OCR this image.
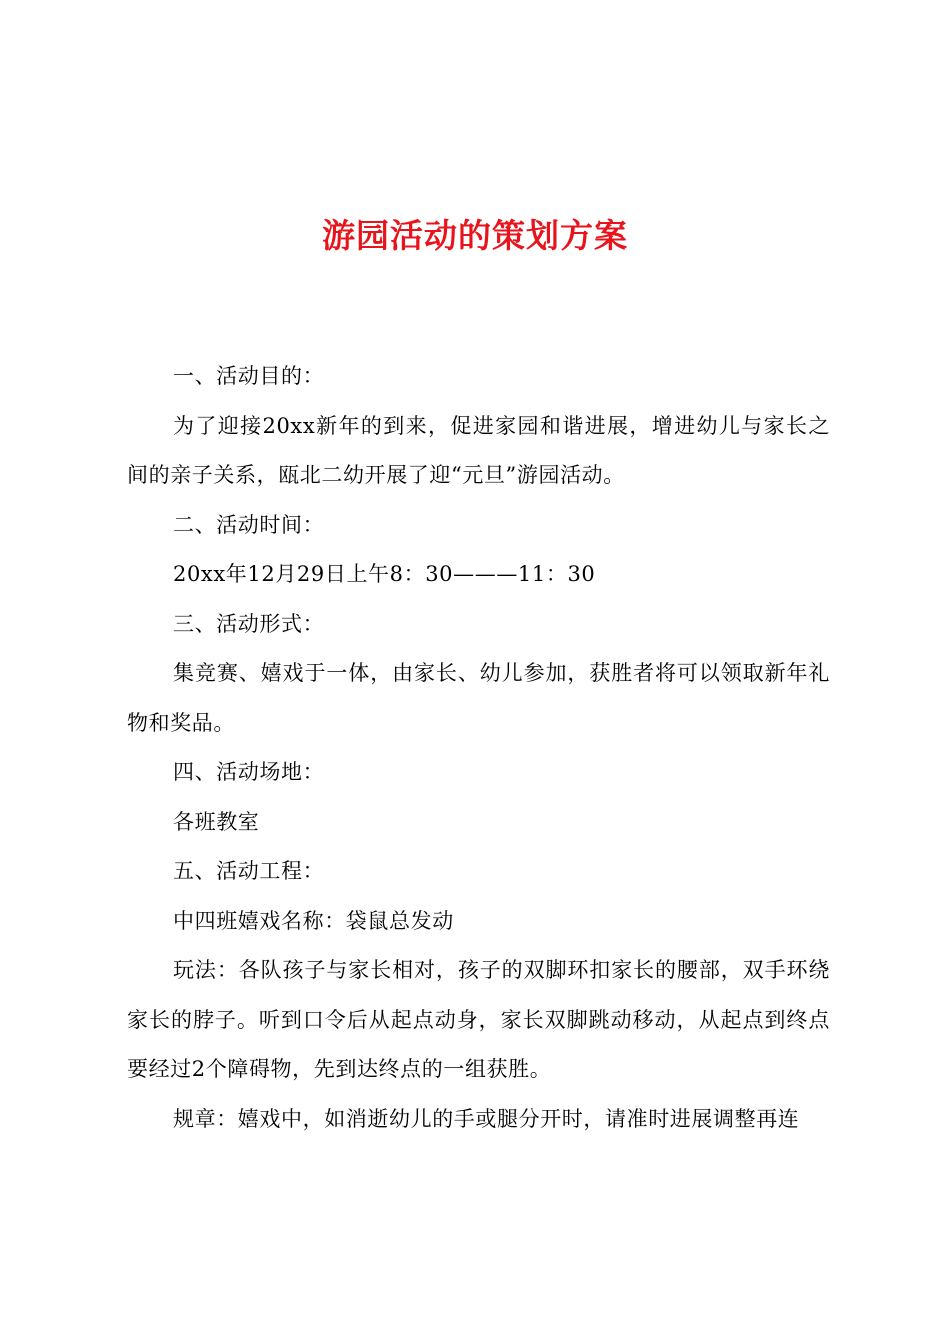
游园活动的策划方案

一、活动目的：

为了迎接20xx新年的到来，促进家园和谐进展，增进幼儿与家长之间的亲子关系，瓯北二幼开展了迎“元旦”游园活动。

二、活动时间：

20xx年12月29日上午8：30———11：30

三、活动形式：

集竞赛、嬉戏于一体，由家长、幼儿参加，获胜者将可以领取新年礼物和奖品。

四、活动场地：

各班教室

五、活动工程：

中四班嬉戏名称：袋鼠总发动

玩法：各队孩子与家长相对，孩子的双脚环扣家长的腰部，双手环绕家长的脖子。听到口令后从起点动身，家长双脚跳动移动，从起点到终点要经过2个障碍物，先到达终点的一组获胜。

规章：嬉戏中，如消逝幼儿的手或腿分开时，请准时进展调整再连
